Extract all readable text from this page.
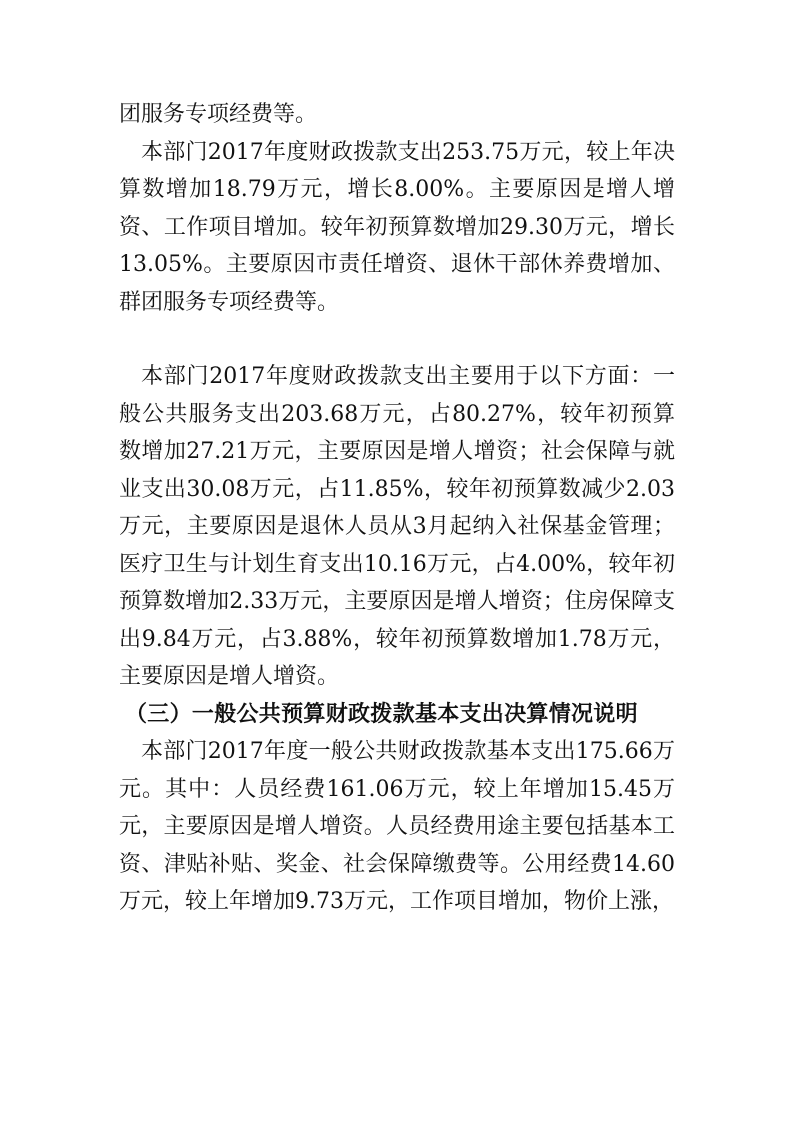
团服务专项经费等。

本部门2017年度财政拨款支出253.75万元，较上年决算数增加18.79万元，增长8.00%。主要原因是增人增资、工作项目增加。较年初预算数增加29.30万元，增长13.05%。主要原因市责任增资、退休干部休养费增加、群团服务专项经费等。

本部门2017年度财政拨款支出主要用于以下方面：一般公共服务支出203.68万元，占80.27%，较年初预算数增加27.21万元，主要原因是增人增资；社会保障与就业支出30.08万元，占11.85%，较年初预算数减少2.03万元，主要原因是退休人员从3月起纳入社保基金管理；医疗卫生与计划生育支出10.16万元，占4.00%，较年初预算数增加2.33万元，主要原因是增人增资；住房保障支出9.84万元，占3.88%，较年初预算数增加1.78万元，主要原因是增人增资。

（三）一般公共预算财政拨款基本支出决算情况说明

本部门2017年度一般公共财政拨款基本支出175.66万元。其中：人员经费161.06万元，较上年增加15.45万元，主要原因是增人增资。人员经费用途主要包括基本工资、津贴补贴、奖金、社会保障缴费等。公用经费14.60万元，较上年增加9.73万元，工作项目增加，物价上涨，
